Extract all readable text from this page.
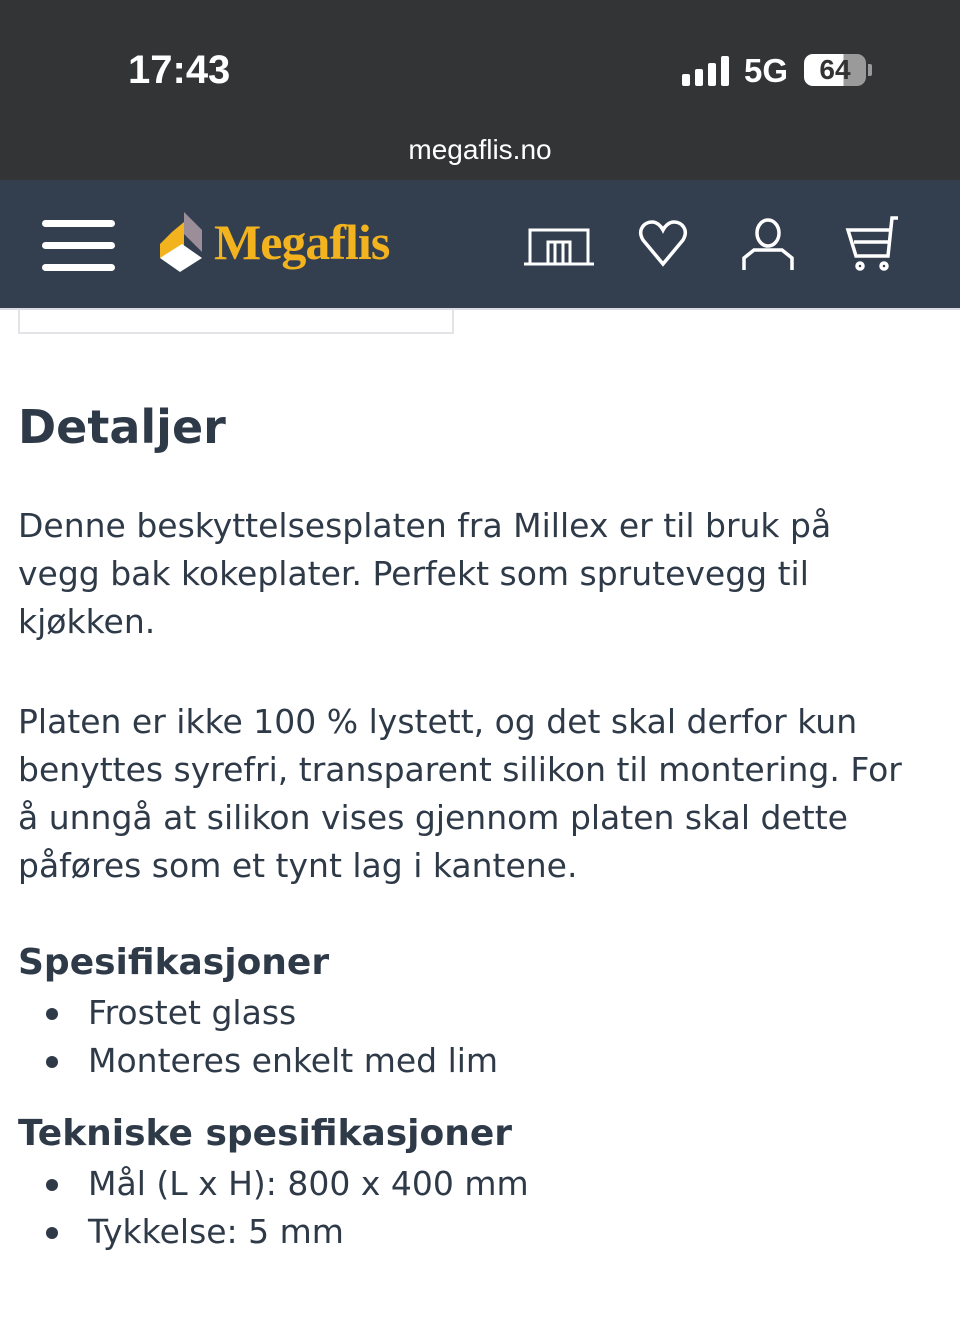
17:43	5G	64
megaflis.no
Megaflis
Detaljer

Denne beskyttelsesplaten fra Millex er til bruk på vegg bak kokeplater. Perfekt som sprutevegg til kjøkken.

Platen er ikke 100 % lystett, og det skal derfor kun benyttes syrefri, transparent silikon til montering. For å unngå at silikon vises gjennom platen skal dette påføres som et tynt lag i kantene.

Spesifikasjoner
Frostet glass
Monteres enkelt med lim
Tekniske spesifikasjoner
Mål (L x H): 800 x 400 mm
Tykkelse: 5 mm
